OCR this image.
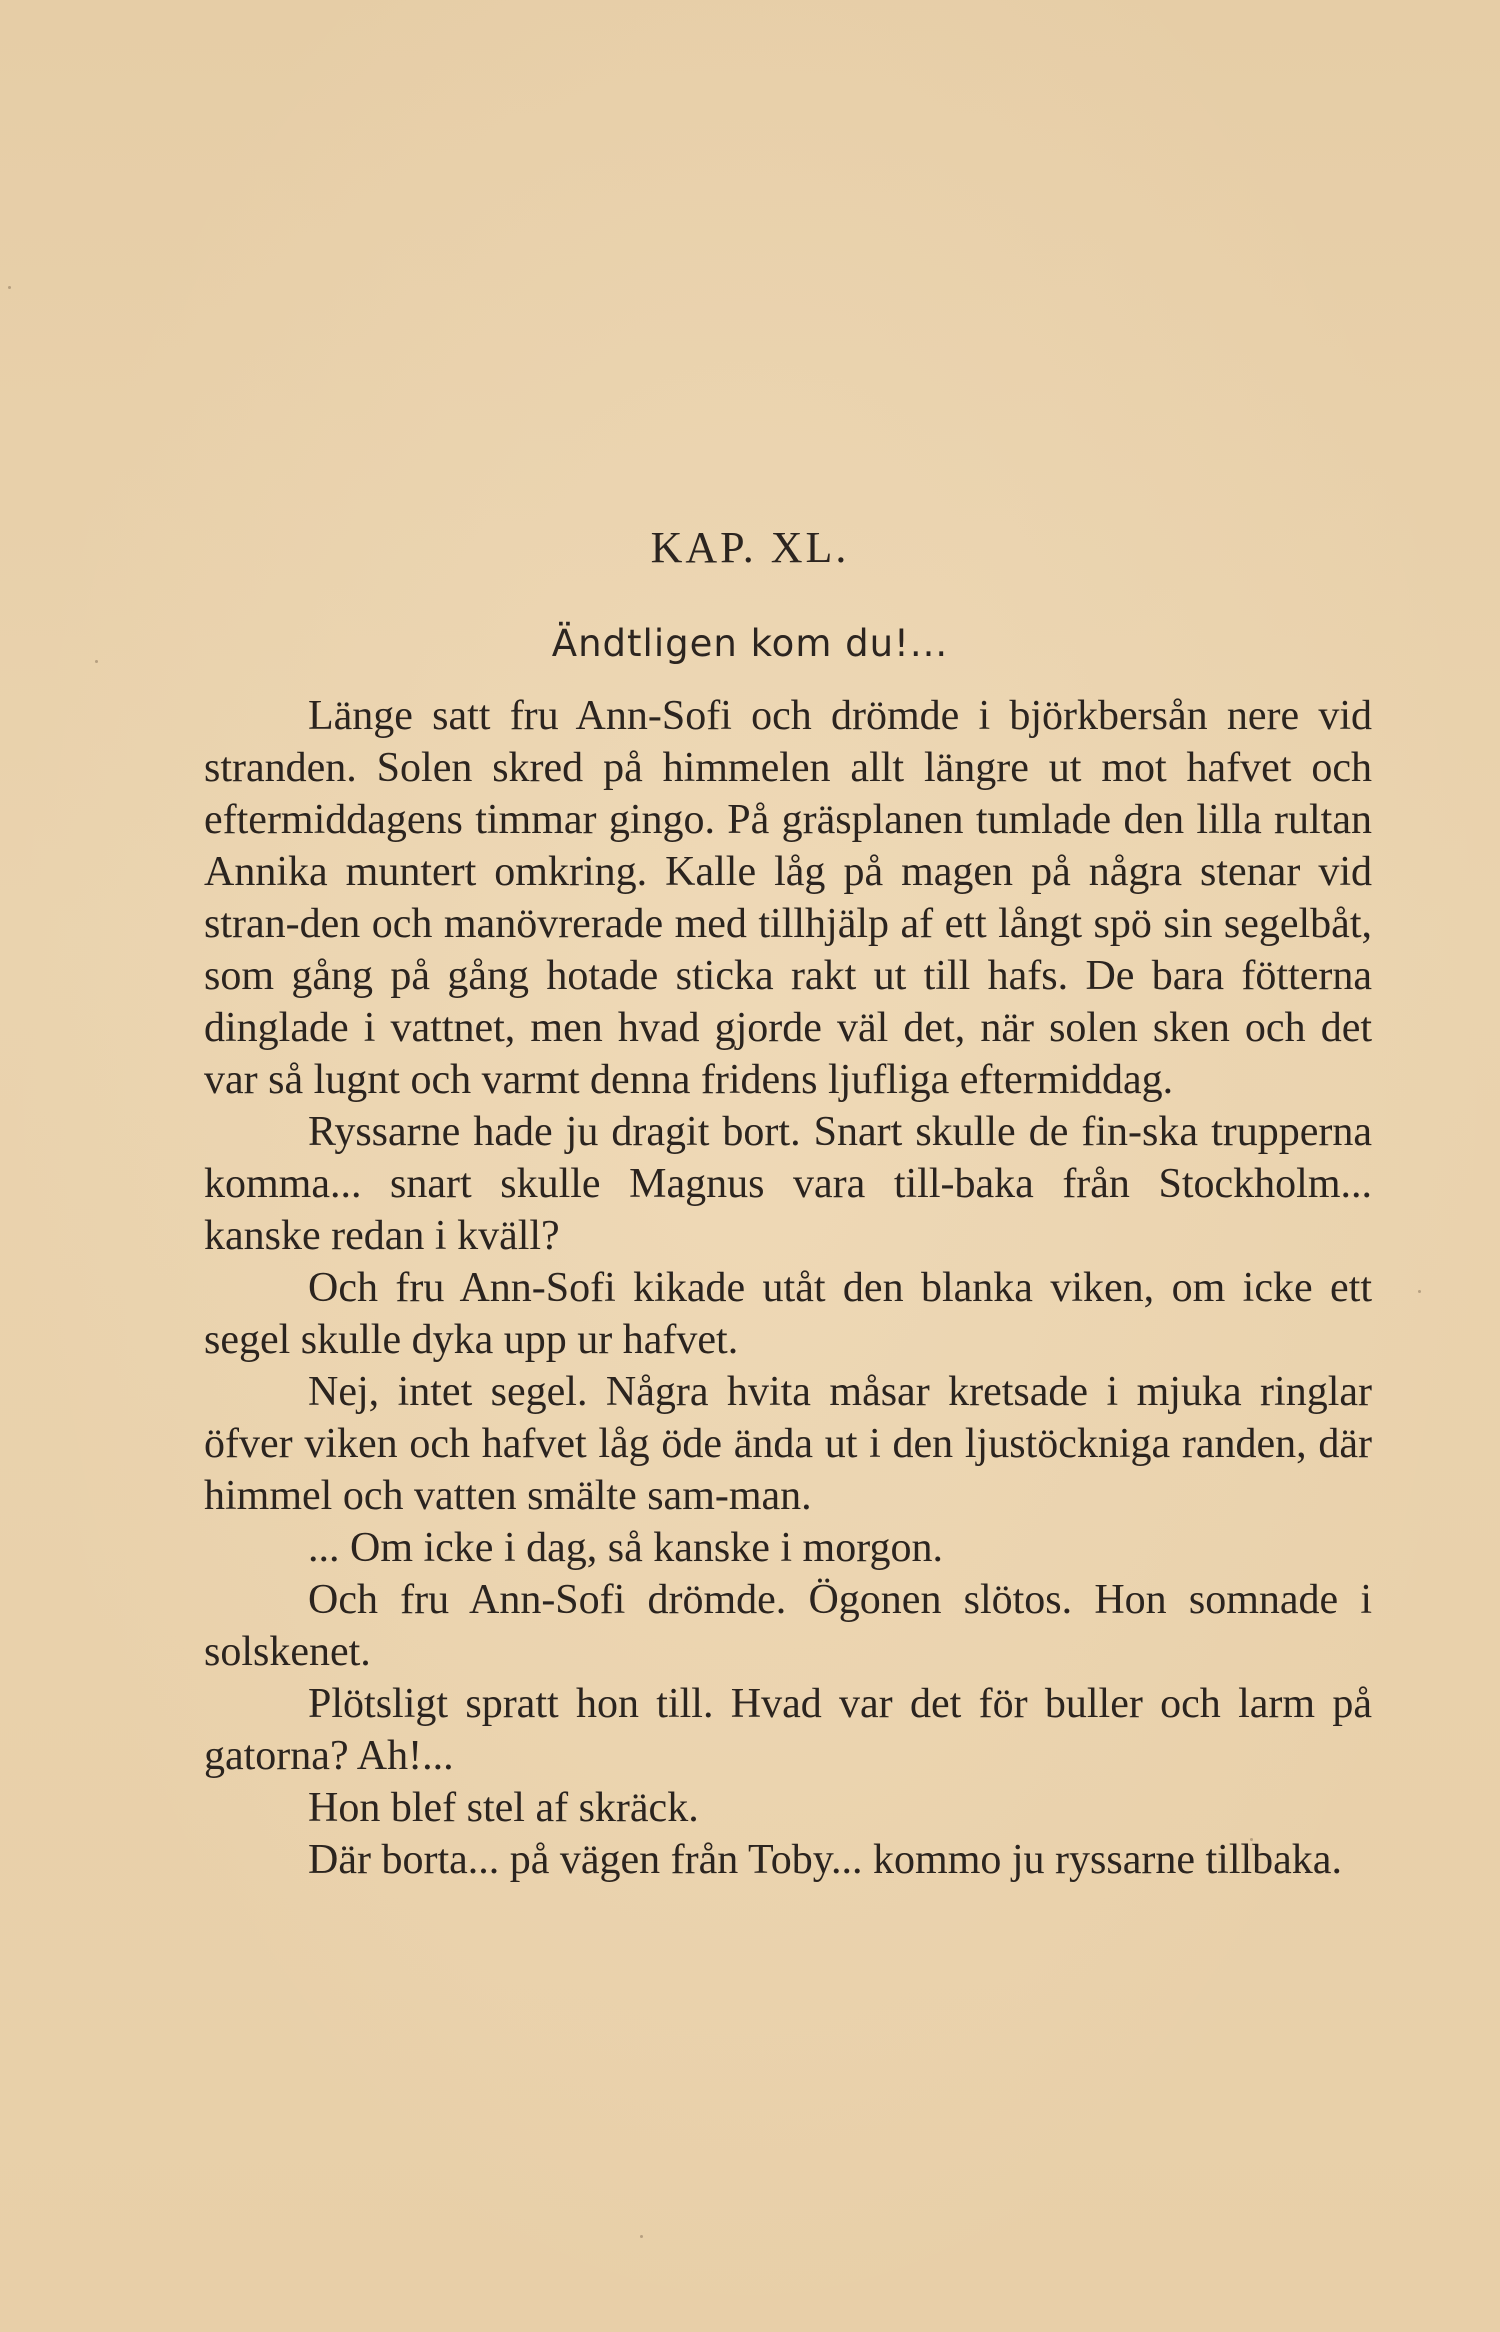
KAP. XL.
Ändtligen kom du!...

Länge satt fru Ann-Sofi och drömde i björkbersån nere vid stranden. Solen skred på himmelen allt längre ut mot hafvet och eftermiddagens timmar gingo. På gräsplanen tumlade den lilla rultan Annika muntert omkring. Kalle låg på magen på några stenar vid stran-den och manövrerade med tillhjälp af ett långt spö sin segelbåt, som gång på gång hotade sticka rakt ut till hafs. De bara fötterna dinglade i vattnet, men hvad gjorde väl det, när solen sken och det var så lugnt och varmt denna fridens ljufliga eftermiddag.

Ryssarne hade ju dragit bort. Snart skulle de fin-ska trupperna komma... snart skulle Magnus vara till-baka från Stockholm... kanske redan i kväll?

Och fru Ann-Sofi kikade utåt den blanka viken, om icke ett segel skulle dyka upp ur hafvet.

Nej, intet segel. Några hvita måsar kretsade i mjuka ringlar öfver viken och hafvet låg öde ända ut i den ljustöckniga randen, där himmel och vatten smälte sam-man.

... Om icke i dag, så kanske i morgon.

Och fru Ann-Sofi drömde. Ögonen slötos. Hon somnade i solskenet.

Plötsligt spratt hon till. Hvad var det för buller och larm på gatorna? Ah!...

Hon blef stel af skräck.

Där borta... på vägen från Toby... kommo ju ryssarne tillbaka.
